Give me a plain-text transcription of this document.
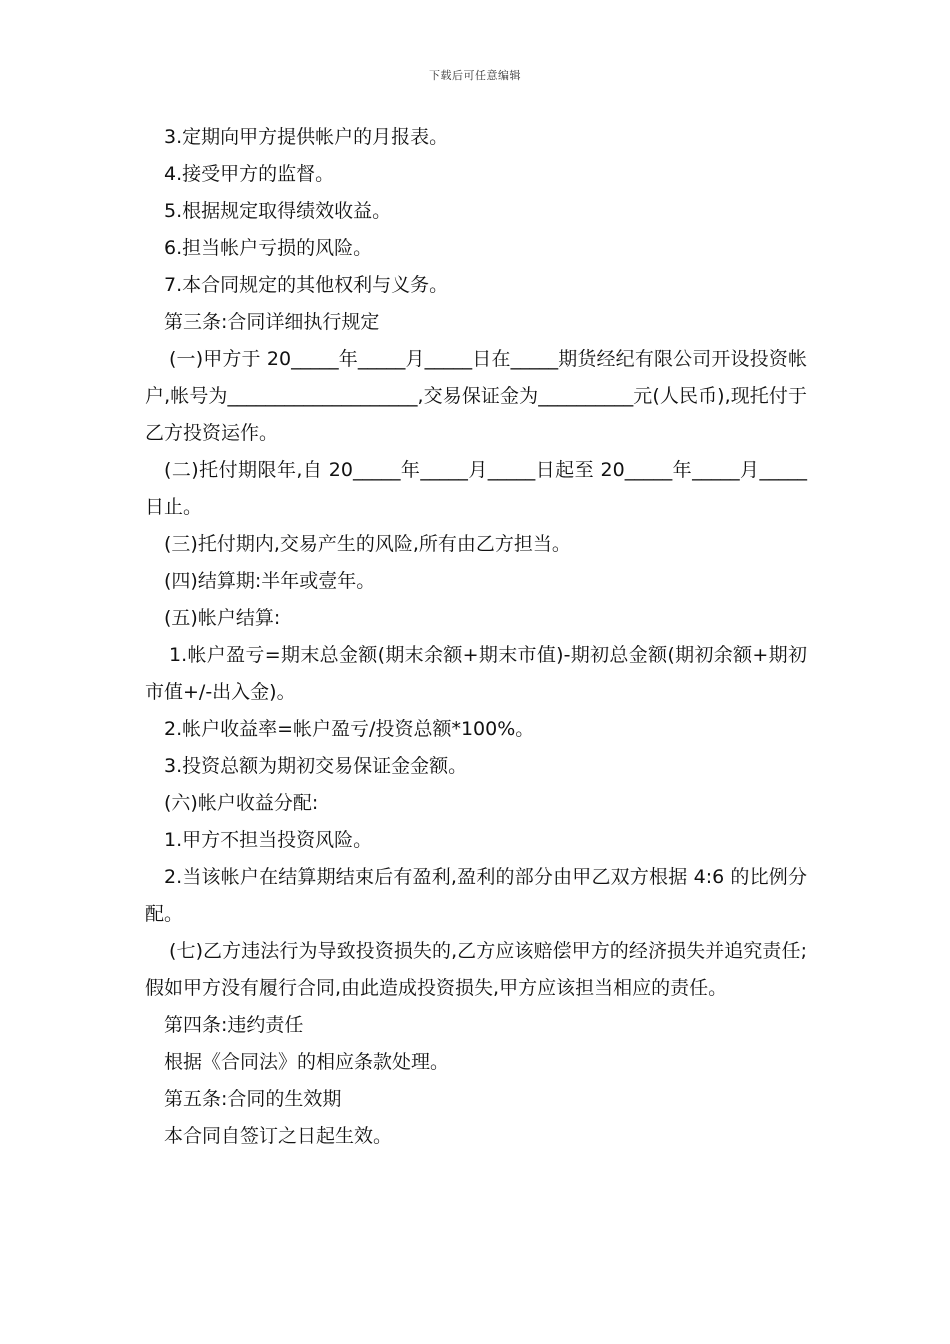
下载后可任意编辑

3.定期向甲方提供帐户的月报表。

4.接受甲方的监督。

5.根据规定取得绩效收益。

6.担当帐户亏损的风险。

7.本合同规定的其他权利与义务。

第三条:合同详细执行规定

(一)甲方于 20_____年_____月_____日在_____期货经纪有限公司开设投资帐户,帐号为____________________,交易保证金为__________元(人民币),现托付于乙方投资运作。

(二)托付期限年,自 20_____年_____月_____日起至 20_____年_____月_____日止。

(三)托付期内,交易产生的风险,所有由乙方担当。

(四)结算期:半年或壹年。

(五)帐户结算:

1.帐户盈亏=期末总金额(期末余额+期末市值)-期初总金额(期初余额+期初市值+/-出入金)。

2.帐户收益率=帐户盈亏/投资总额*100%。

3.投资总额为期初交易保证金金额。

(六)帐户收益分配:

1.甲方不担当投资风险。

2.当该帐户在结算期结束后有盈利,盈利的部分由甲乙双方根据 4:6 的比例分配。

(七)乙方违法行为导致投资损失的,乙方应该赔偿甲方的经济损失并追究责任;假如甲方没有履行合同,由此造成投资损失,甲方应该担当相应的责任。

第四条:违约责任

根据《合同法》的相应条款处理。

第五条:合同的生效期

本合同自签订之日起生效。
